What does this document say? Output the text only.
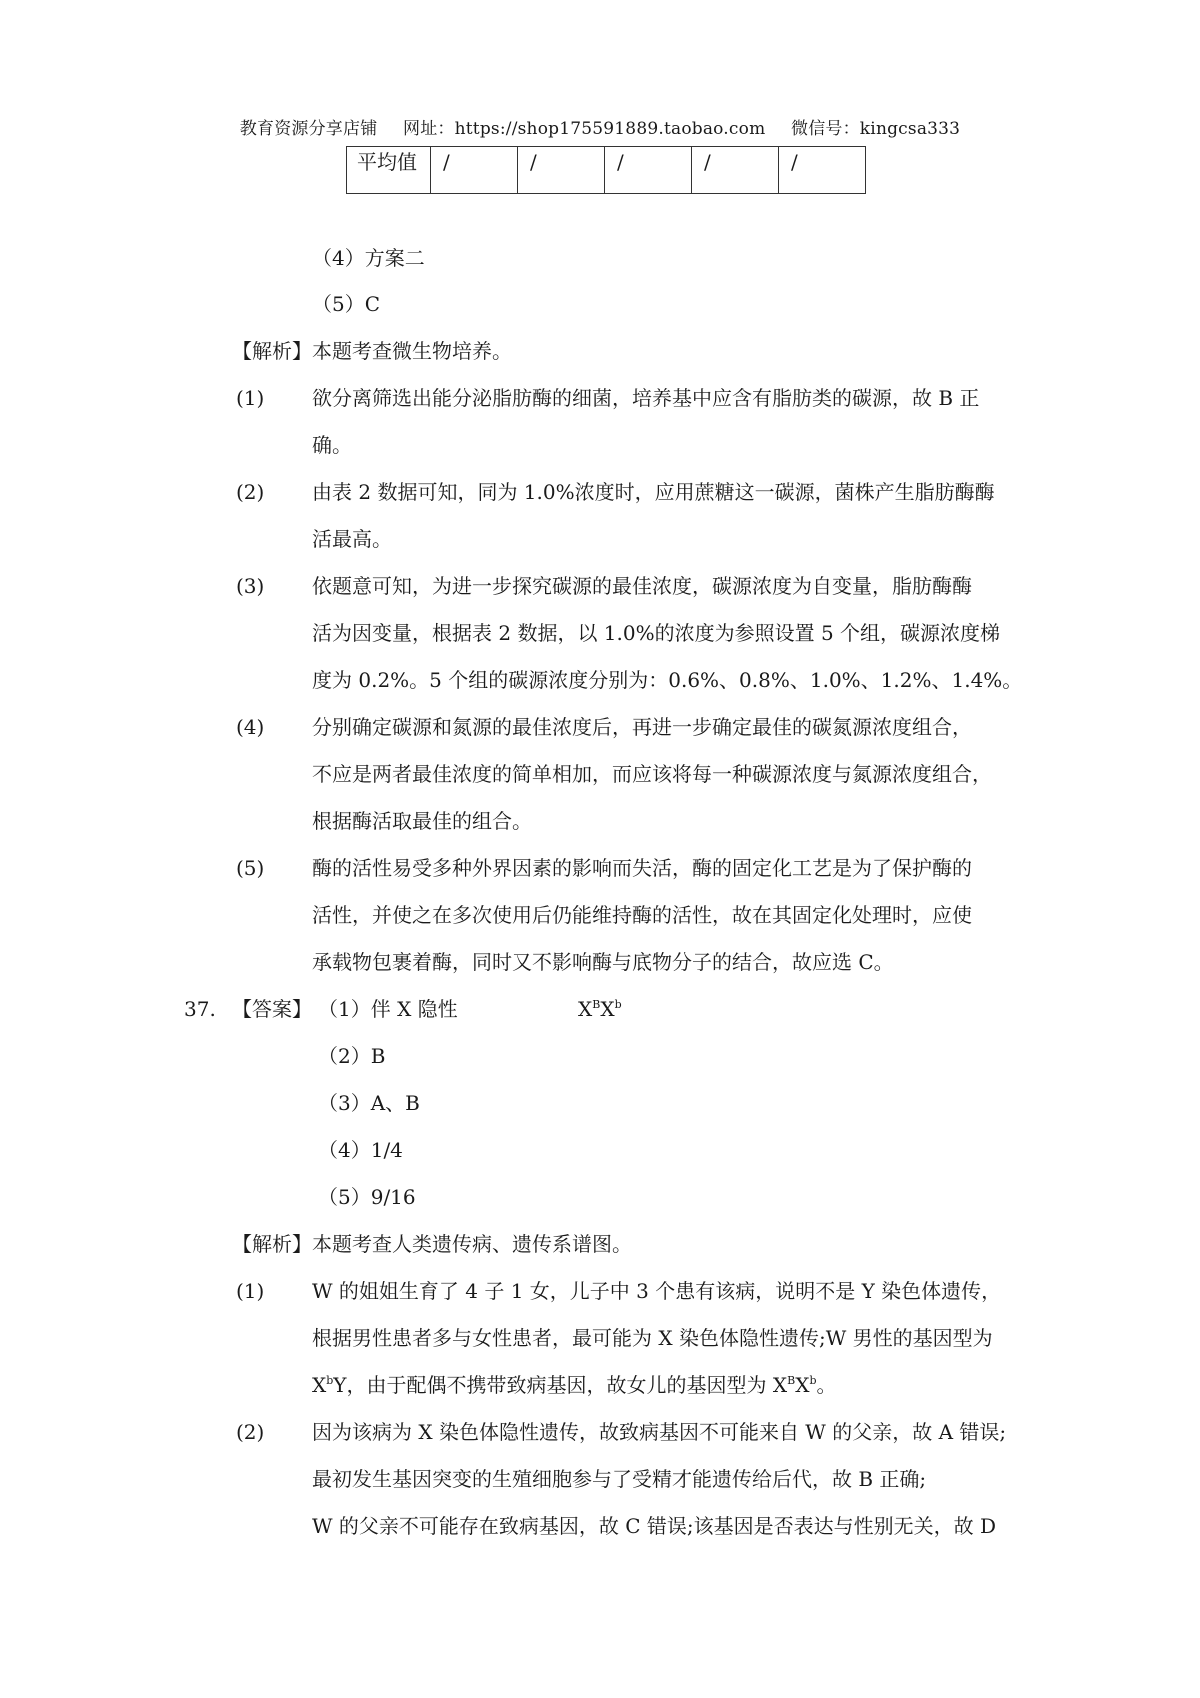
教育资源分享店铺 网址：https://shop175591889.taobao.com 微信号：kingcsa333
平均值	/	/	/	/	/
（4）方案二
（5）C
【解析】本题考查微生物培养。
(1) 欲分离筛选出能分泌脂肪酶的细菌，培养基中应含有脂肪类的碳源，故 B 正
确。
(2) 由表 2 数据可知，同为 1.0%浓度时，应用蔗糖这一碳源，菌株产生脂肪酶酶
活最高。
(3) 依题意可知，为进一步探究碳源的最佳浓度，碳源浓度为自变量，脂肪酶酶
活为因变量，根据表 2 数据，以 1.0%的浓度为参照设置 5 个组，碳源浓度梯
度为 0.2%。5 个组的碳源浓度分别为：0.6%、0.8%、1.0%、1.2%、1.4%。
(4) 分别确定碳源和氮源的最佳浓度后，再进一步确定最佳的碳氮源浓度组合，
不应是两者最佳浓度的简单相加，而应该将每一种碳源浓度与氮源浓度组合，
根据酶活取最佳的组合。
(5) 酶的活性易受多种外界因素的影响而失活，酶的固定化工艺是为了保护酶的
活性，并使之在多次使用后仍能维持酶的活性，故在其固定化处理时，应使
承载物包裹着酶，同时又不影响酶与底物分子的结合，故应选 C。
37. 【答案】 （1）伴 X 隐性	$X^BX^b$
（2）B
（3）A、B
（4）1/4
（5）9/16
【解析】本题考查人类遗传病、遗传系谱图。
(1) W 的姐姐生育了 4 子 1 女，儿子中 3 个患有该病，说明不是 Y 染色体遗传，
根据男性患者多与女性患者，最可能为 X 染色体隐性遗传;W 男性的基因型为
$X^bY$，由于配偶不携带致病基因，故女儿的基因型为 $X^BX^b$。
(2) 因为该病为 X 染色体隐性遗传，故致病基因不可能来自 W 的父亲，故 A 错误;
最初发生基因突变的生殖细胞参与了受精才能遗传给后代，故 B 正确;
W 的父亲不可能存在致病基因，故 C 错误;该基因是否表达与性别无关，故 D
